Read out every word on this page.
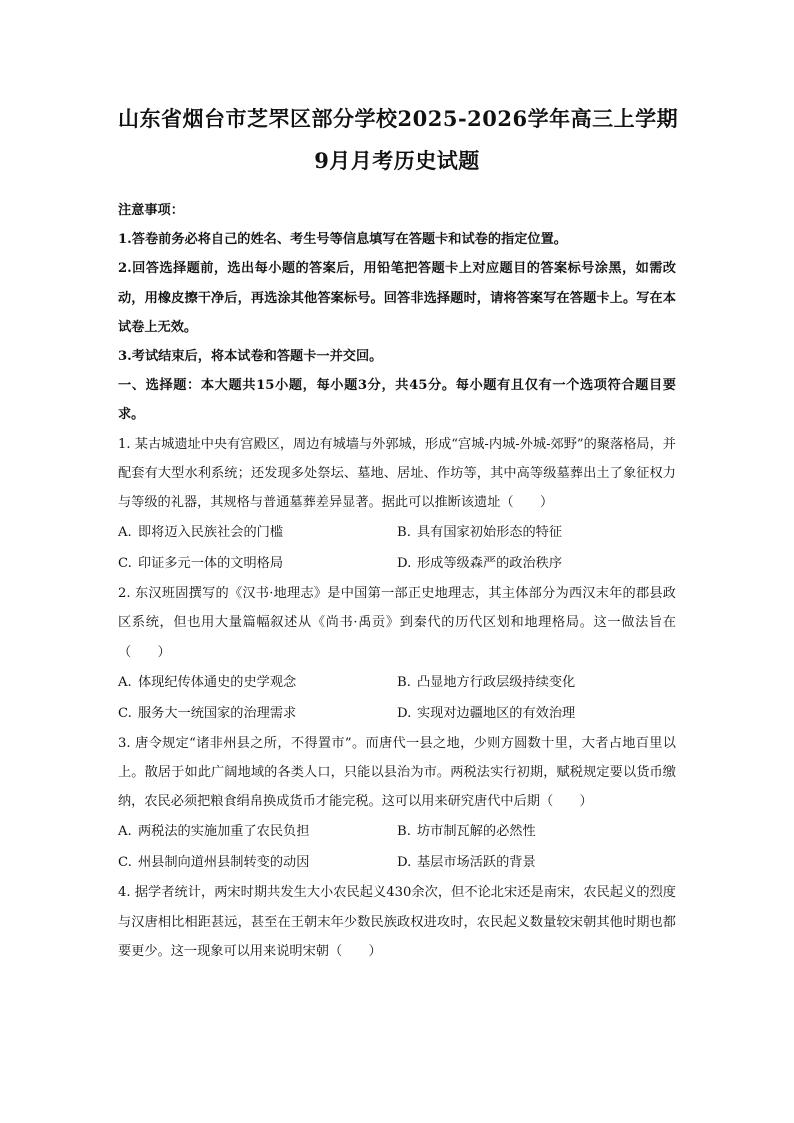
山东省烟台市芝罘区部分学校2025-2026学年高三上学期

9月月考历史试题

注意事项：

1.答卷前务必将自己的姓名、考生号等信息填写在答题卡和试卷的指定位置。

2.回答选择题前，选出每小题的答案后，用铅笔把答题卡上对应题目的答案标号涂黑，如需改动，用橡皮擦干净后，再选涂其他答案标号。回答非选择题时，请将答案写在答题卡上。写在本试卷上无效。

3.考试结束后，将本试卷和答题卡一并交回。

一、选择题：本大题共15小题，每小题3分，共45分。每小题有且仅有一个选项符合题目要求。

1. 某古城遗址中央有宫殿区，周边有城墙与外郭城，形成“宫城-内城-外城-郊野”的聚落格局，并配套有大型水利系统；还发现多处祭坛、墓地、居址、作坊等，其中高等级墓葬出土了象征权力与等级的礼器，其规格与普通墓葬差异显著。据此可以推断该遗址（　　）

A. 即将迈入民族社会的门槛	B. 具有国家初始形态的特征
C. 印证多元一体的文明格局	D. 形成等级森严的政治秩序

2. 东汉班固撰写的《汉书·地理志》是中国第一部正史地理志，其主体部分为西汉末年的郡县政区系统，但也用大量篇幅叙述从《尚书·禹贡》到秦代的历代区划和地理格局。这一做法旨在（　　）

A. 体现纪传体通史的史学观念	B. 凸显地方行政层级持续变化
C. 服务大一统国家的治理需求	D. 实现对边疆地区的有效治理

3. 唐令规定“诸非州县之所，不得置市”。而唐代一县之地，少则方圆数十里，大者占地百里以上。散居于如此广阔地域的各类人口，只能以县治为市。两税法实行初期，赋税规定要以货币缴纳，农民必须把粮食绢帛换成货币才能完税。这可以用来研究唐代中后期（　　）

A. 两税法的实施加重了农民负担	B. 坊市制瓦解的必然性
C. 州县制向道州县制转变的动因	D. 基层市场活跃的背景

4. 据学者统计，两宋时期共发生大小农民起义430余次，但不论北宋还是南宋，农民起义的烈度与汉唐相比相距甚远，甚至在王朝末年少数民族政权进攻时，农民起义数量较宋朝其他时期也都要更少。这一现象可以用来说明宋朝（　　）
